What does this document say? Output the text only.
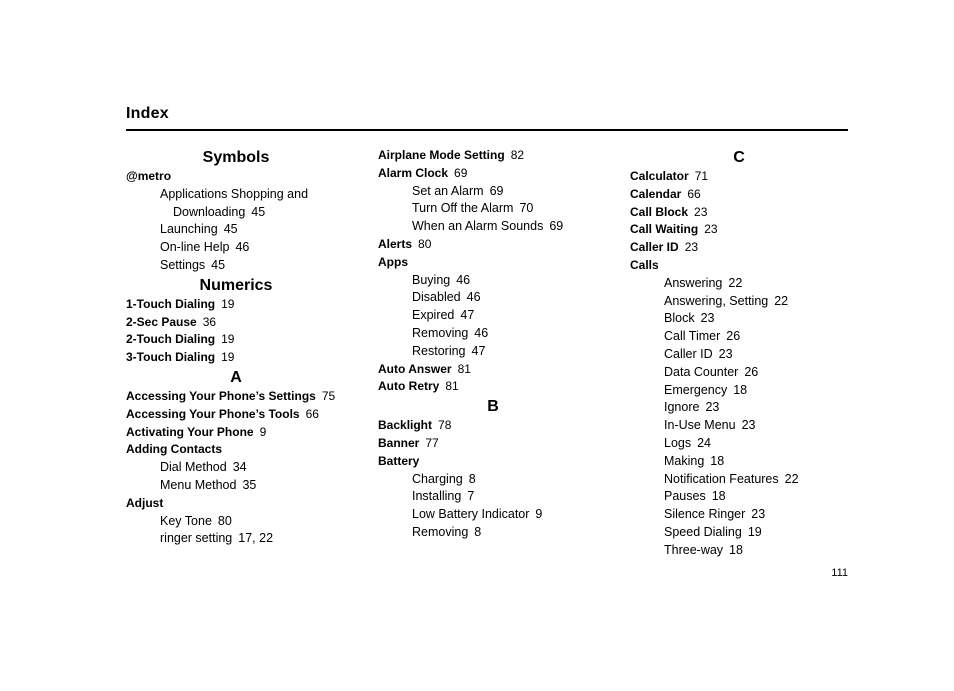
Index
Symbols
@metro
Applications Shopping and
Downloading 45
Launching 45
On-line Help 46
Settings 45
Numerics
1-Touch Dialing 19
2-Sec Pause 36
2-Touch Dialing 19
3-Touch Dialing 19
A
Accessing Your Phone’s Settings 75
Accessing Your Phone’s Tools 66
Activating Your Phone 9
Adding Contacts
Dial Method 34
Menu Method 35
Adjust
Key Tone 80
ringer setting 17, 22
Airplane Mode Setting 82
Alarm Clock 69
Set an Alarm 69
Turn Off the Alarm 70
When an Alarm Sounds 69
Alerts 80
Apps
Buying 46
Disabled 46
Expired 47
Removing 46
Restoring 47
Auto Answer 81
Auto Retry 81
B
Backlight 78
Banner 77
Battery
Charging 8
Installing 7
Low Battery Indicator 9
Removing 8
C
Calculator 71
Calendar 66
Call Block 23
Call Waiting 23
Caller ID 23
Calls
Answering 22
Answering, Setting 22
Block 23
Call Timer 26
Caller ID 23
Data Counter 26
Emergency 18
Ignore 23
In-Use Menu 23
Logs 24
Making 18
Notification Features 22
Pauses 18
Silence Ringer 23
Speed Dialing 19
Three-way 18
111
